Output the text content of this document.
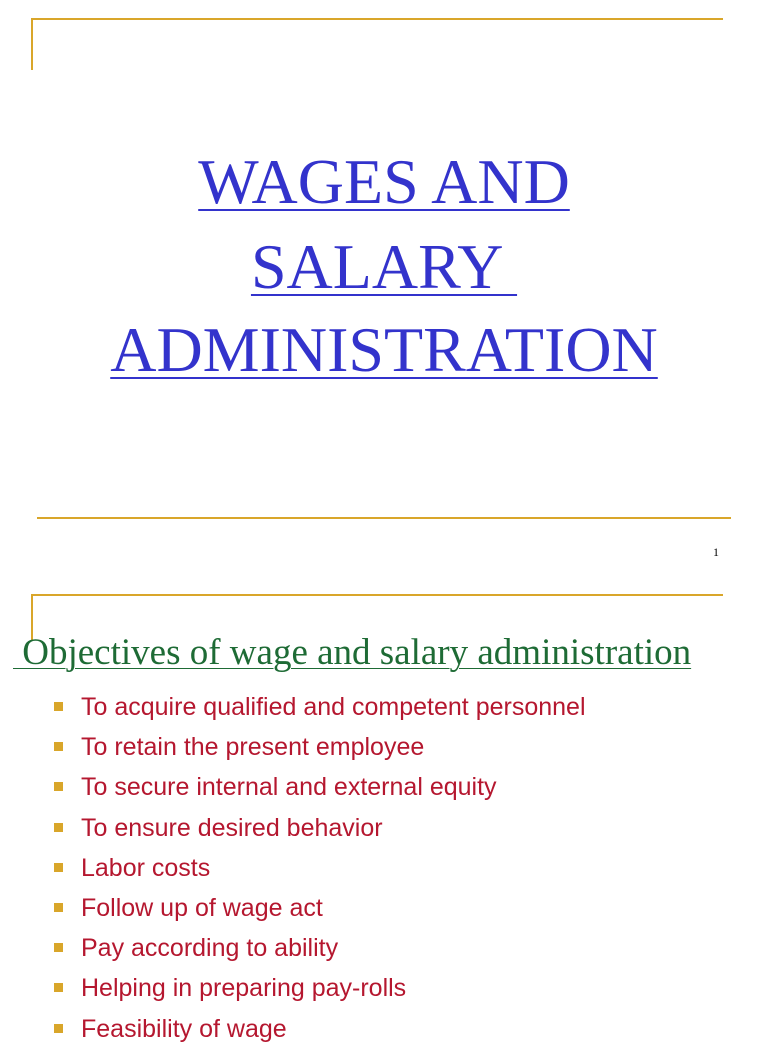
WAGES AND
SALARY
ADMINISTRATION
1
Objectives of wage and salary administration
To acquire qualified and competent personnel
To retain the present employee
To secure internal and external equity
To ensure desired behavior
Labor costs
Follow up of wage act
Pay according to ability
Helping in preparing pay-rolls
Feasibility of wage
